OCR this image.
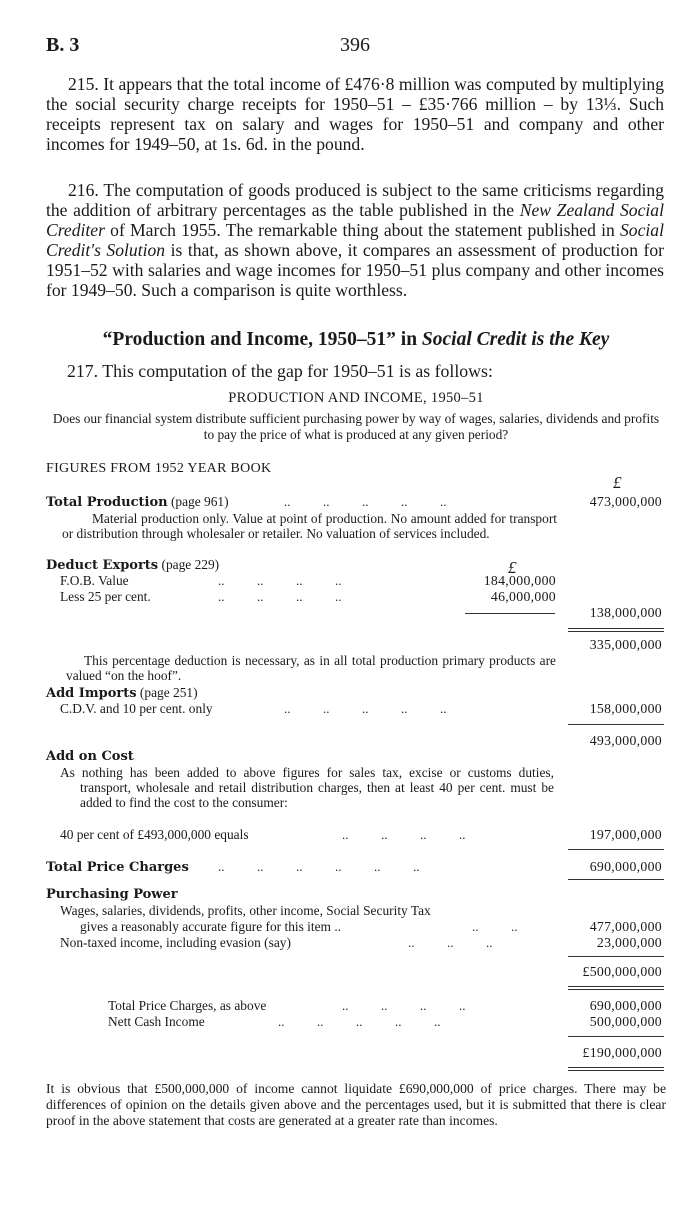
B. 3	396

215. It appears that the total income of £476·8 million was computed by multiplying the social security charge receipts for 1950–51 – £35·766 million – by 13⅓. Such receipts represent tax on salary and wages for 1950–51 and company and other incomes for 1949–50, at 1s. 6d. in the pound.

216. The computation of goods produced is subject to the same criticisms regarding the addition of arbitrary percentages as the table published in the New Zealand Social Crediter of March 1955. The remarkable thing about the statement published in Social Credit's Solution is that, as shown above, it compares an assessment of production for 1951–52 with salaries and wage incomes for 1950–51 plus company and other incomes for 1949–50. Such a comparison is quite worthless.

“Production and Income, 1950–51” in Social Credit is the Key
217. This computation of the gap for 1950–51 is as follows:
PRODUCTION AND INCOME, 1950–51
Does our financial system distribute sufficient purchasing power by way of wages, salaries, dividends and profits to pay the price of what is produced at any given period?
FIGURES FROM 1952 YEAR BOOK
£
Total Production (page 961)	..          ..          ..          ..          ..	473,000,000
Material production only. Value at point of production. No amount added for transport or distribution through wholesaler or retailer. No valuation of services included.
Deduct Exports (page 229)	£
F.O.B. Value	..          ..          ..          ..	184,000,000
Less 25 per cent.	..          ..          ..          ..	46,000,000
138,000,000
335,000,000
This percentage deduction is necessary, as in all total production primary products are valued “on the hoof”.
Add Imports (page 251)
C.D.V. and 10 per cent. only	..          ..          ..          ..          ..	158,000,000
493,000,000
Add on Cost
As nothing has been added to above figures for sales tax, excise or customs duties, transport, wholesale and retail distribution charges, then at least 40 per cent. must be added to find the cost to the consumer:
40 per cent of £493,000,000 equals	..          ..          ..          ..	197,000,000
Total Price Charges ..          ..          ..          ..          ..          ..	690,000,000
Purchasing Power
Wages, salaries, dividends, profits, other income, Social Security Tax
gives a reasonably accurate figure for this item ..	..          ..	477,000,000
Non-taxed income, including evasion (say)	..          ..          ..	23,000,000
£500,000,000
Total Price Charges, as above	..          ..          ..          ..	690,000,000
Nett Cash Income	..          ..          ..          ..          ..	500,000,000
£190,000,000
It is obvious that £500,000,000 of income cannot liquidate £690,000,000 of price charges. There may be differences of opinion on the details given above and the percentages used, but it is submitted that there is clear proof in the above statement that costs are generated at a greater rate than incomes.
